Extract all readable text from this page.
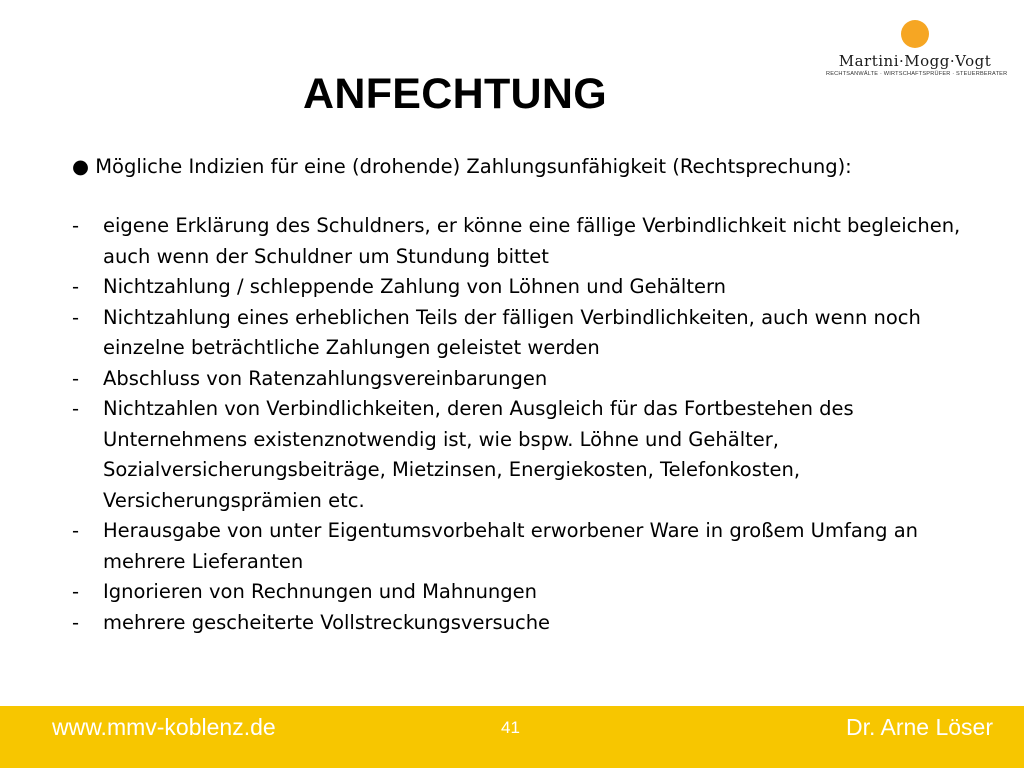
Martini·Mogg·Vogt
RECHTSANWÄLTE · WIRTSCHAFTSPRÜFER · STEUERBERATER
ANFECHTUNG

● Mögliche Indizien für eine (drohende) Zahlungsunfähigkeit (Rechtsprechung):

- eigene Erklärung des Schuldners, er könne eine fällige Verbindlichkeit nicht begleichen, auch wenn der Schuldner um Stundung bittet
- Nichtzahlung / schleppende Zahlung von Löhnen und Gehältern
- Nichtzahlung eines erheblichen Teils der fälligen Verbindlichkeiten, auch wenn noch einzelne beträchtliche Zahlungen geleistet werden
- Abschluss von Ratenzahlungsvereinbarungen
- Nichtzahlen von Verbindlichkeiten, deren Ausgleich für das Fortbestehen des Unternehmens existenznotwendig ist, wie bspw. Löhne und Gehälter, Sozialversicherungsbeiträge, Mietzinsen, Energiekosten, Telefonkosten, Versicherungsprämien etc.
- Herausgabe von unter Eigentumsvorbehalt erworbener Ware in großem Umfang an mehrere Lieferanten
- Ignorieren von Rechnungen und Mahnungen
- mehrere gescheiterte Vollstreckungsversuche
www.mmv-koblenz.de	41	Dr. Arne Löser
